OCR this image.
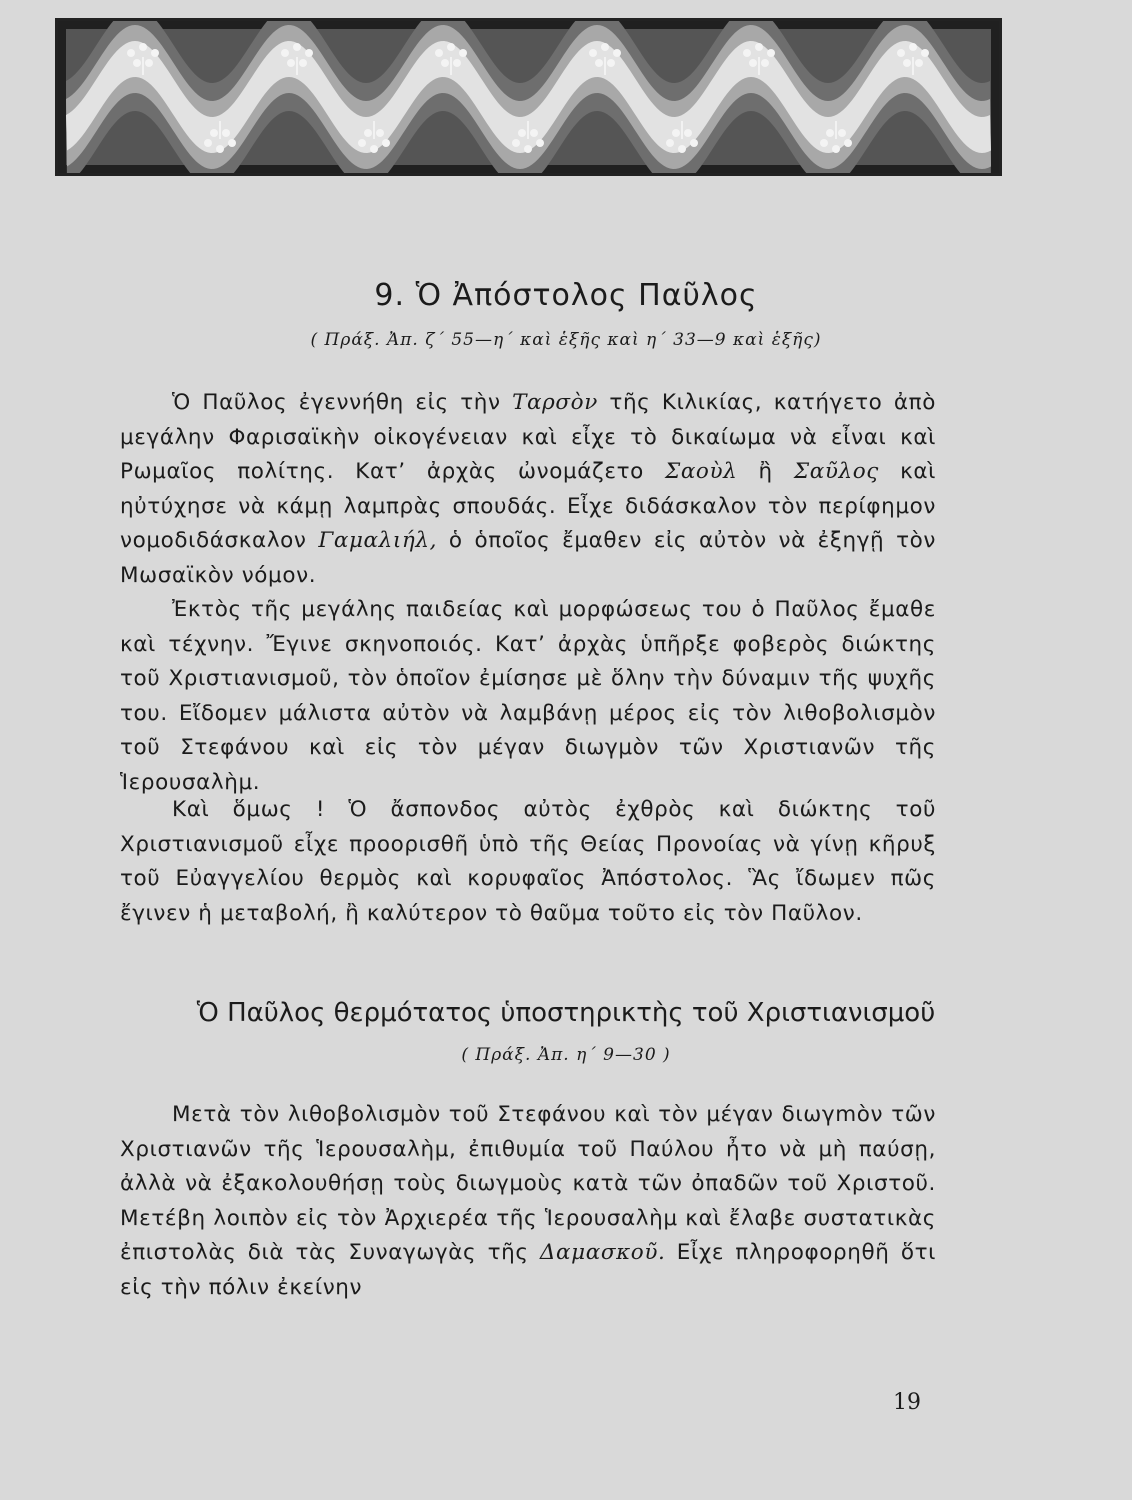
9. Ὁ Ἀπόστολος Παῦλος

( Πράξ. Ἀπ. ζ΄ 55—η΄ καὶ ἑξῆς καὶ η΄ 33—9 καὶ ἑξῆς)

Ὁ Παῦλος ἐγεννήθη εἰς τὴν Ταρσὸν τῆς Κιλικίας, κατήγετο ἀπὸ μεγάλην Φαρισαϊκὴν οἰκογένειαν καὶ εἶχε τὸ δικαίωμα νὰ εἶναι καὶ Ρωμαῖος πολίτης. Κατ’ ἀρχὰς ὠνομάζετο Σαοὺλ ἢ Σαῦλος καὶ ηὐτύχησε νὰ κάμῃ λαμπρὰς σπουδάς. Εἶχε διδάσκαλον τὸν περίφημον νομοδιδάσκαλον Γαμαλιήλ, ὁ ὁποῖος ἔμαθεν εἰς αὐτὸν νὰ ἐξηγῇ τὸν Μωσαϊκὸν νόμον.

Ἐκτὸς τῆς μεγάλης παιδείας καὶ μορφώσεως του ὁ Παῦλος ἔμαθε καὶ τέχνην. Ἔγινε σκηνοποιός. Κατ’ ἀρχὰς ὑπῆρξε φοβερὸς διώκτης τοῦ Χριστιανισμοῦ, τὸν ὁποῖον ἐμίσησε μὲ ὅλην τὴν δύναμιν τῆς ψυχῆς του. Εἴδομεν μάλιστα αὐτὸν νὰ λαμβάνῃ μέρος εἰς τὸν λιθοβολισμὸν τοῦ Στεφάνου καὶ εἰς τὸν μέγαν διωγμὸν τῶν Χριστιανῶν τῆς Ἱερουσαλὴμ.

Καὶ ὅμως ! Ὁ ἄσπονδος αὐτὸς ἐχθρὸς καὶ διώκτης τοῦ Χριστιανισμοῦ εἶχε προορισθῆ ὑπὸ τῆς Θείας Προνοίας νὰ γίνῃ κῆρυξ τοῦ Εὐαγγελίου θερμὸς καὶ κορυφαῖος Ἀπόστολος. Ἃς ἴδωμεν πῶς ἔγινεν ἡ μεταβολή, ἢ καλύτερον τὸ θαῦμα τοῦτο εἰς τὸν Παῦλον.

Ὁ Παῦλος θερμότατος ὑποστηρικτὴς τοῦ Χριστιανισμοῦ

( Πράξ. Ἀπ. η΄ 9—30 )

Μετὰ τὸν λιθοβολισμὸν τοῦ Στεφάνου καὶ τὸν μέγαν διωγmὸν τῶν Χριστιανῶν τῆς Ἱερουσαλὴμ, ἐπιθυμία τοῦ Παύλου ἦτο νὰ μὴ παύσῃ, ἀλλὰ νὰ ἐξακολουθήσῃ τοὺς διωγμοὺς κατὰ τῶν ὀπαδῶν τοῦ Χριστοῦ. Μετέβη λοιπὸν εἰς τὸν Ἀρχιερέα τῆς Ἱερουσαλὴμ καὶ ἔλαβε συστατικὰς ἐπιστολὰς διὰ τὰς Συναγωγὰς τῆς Δαμασκοῦ. Εἶχε πληροφορηθῆ ὅτι εἰς τὴν πόλιν ἐκείνην

19
